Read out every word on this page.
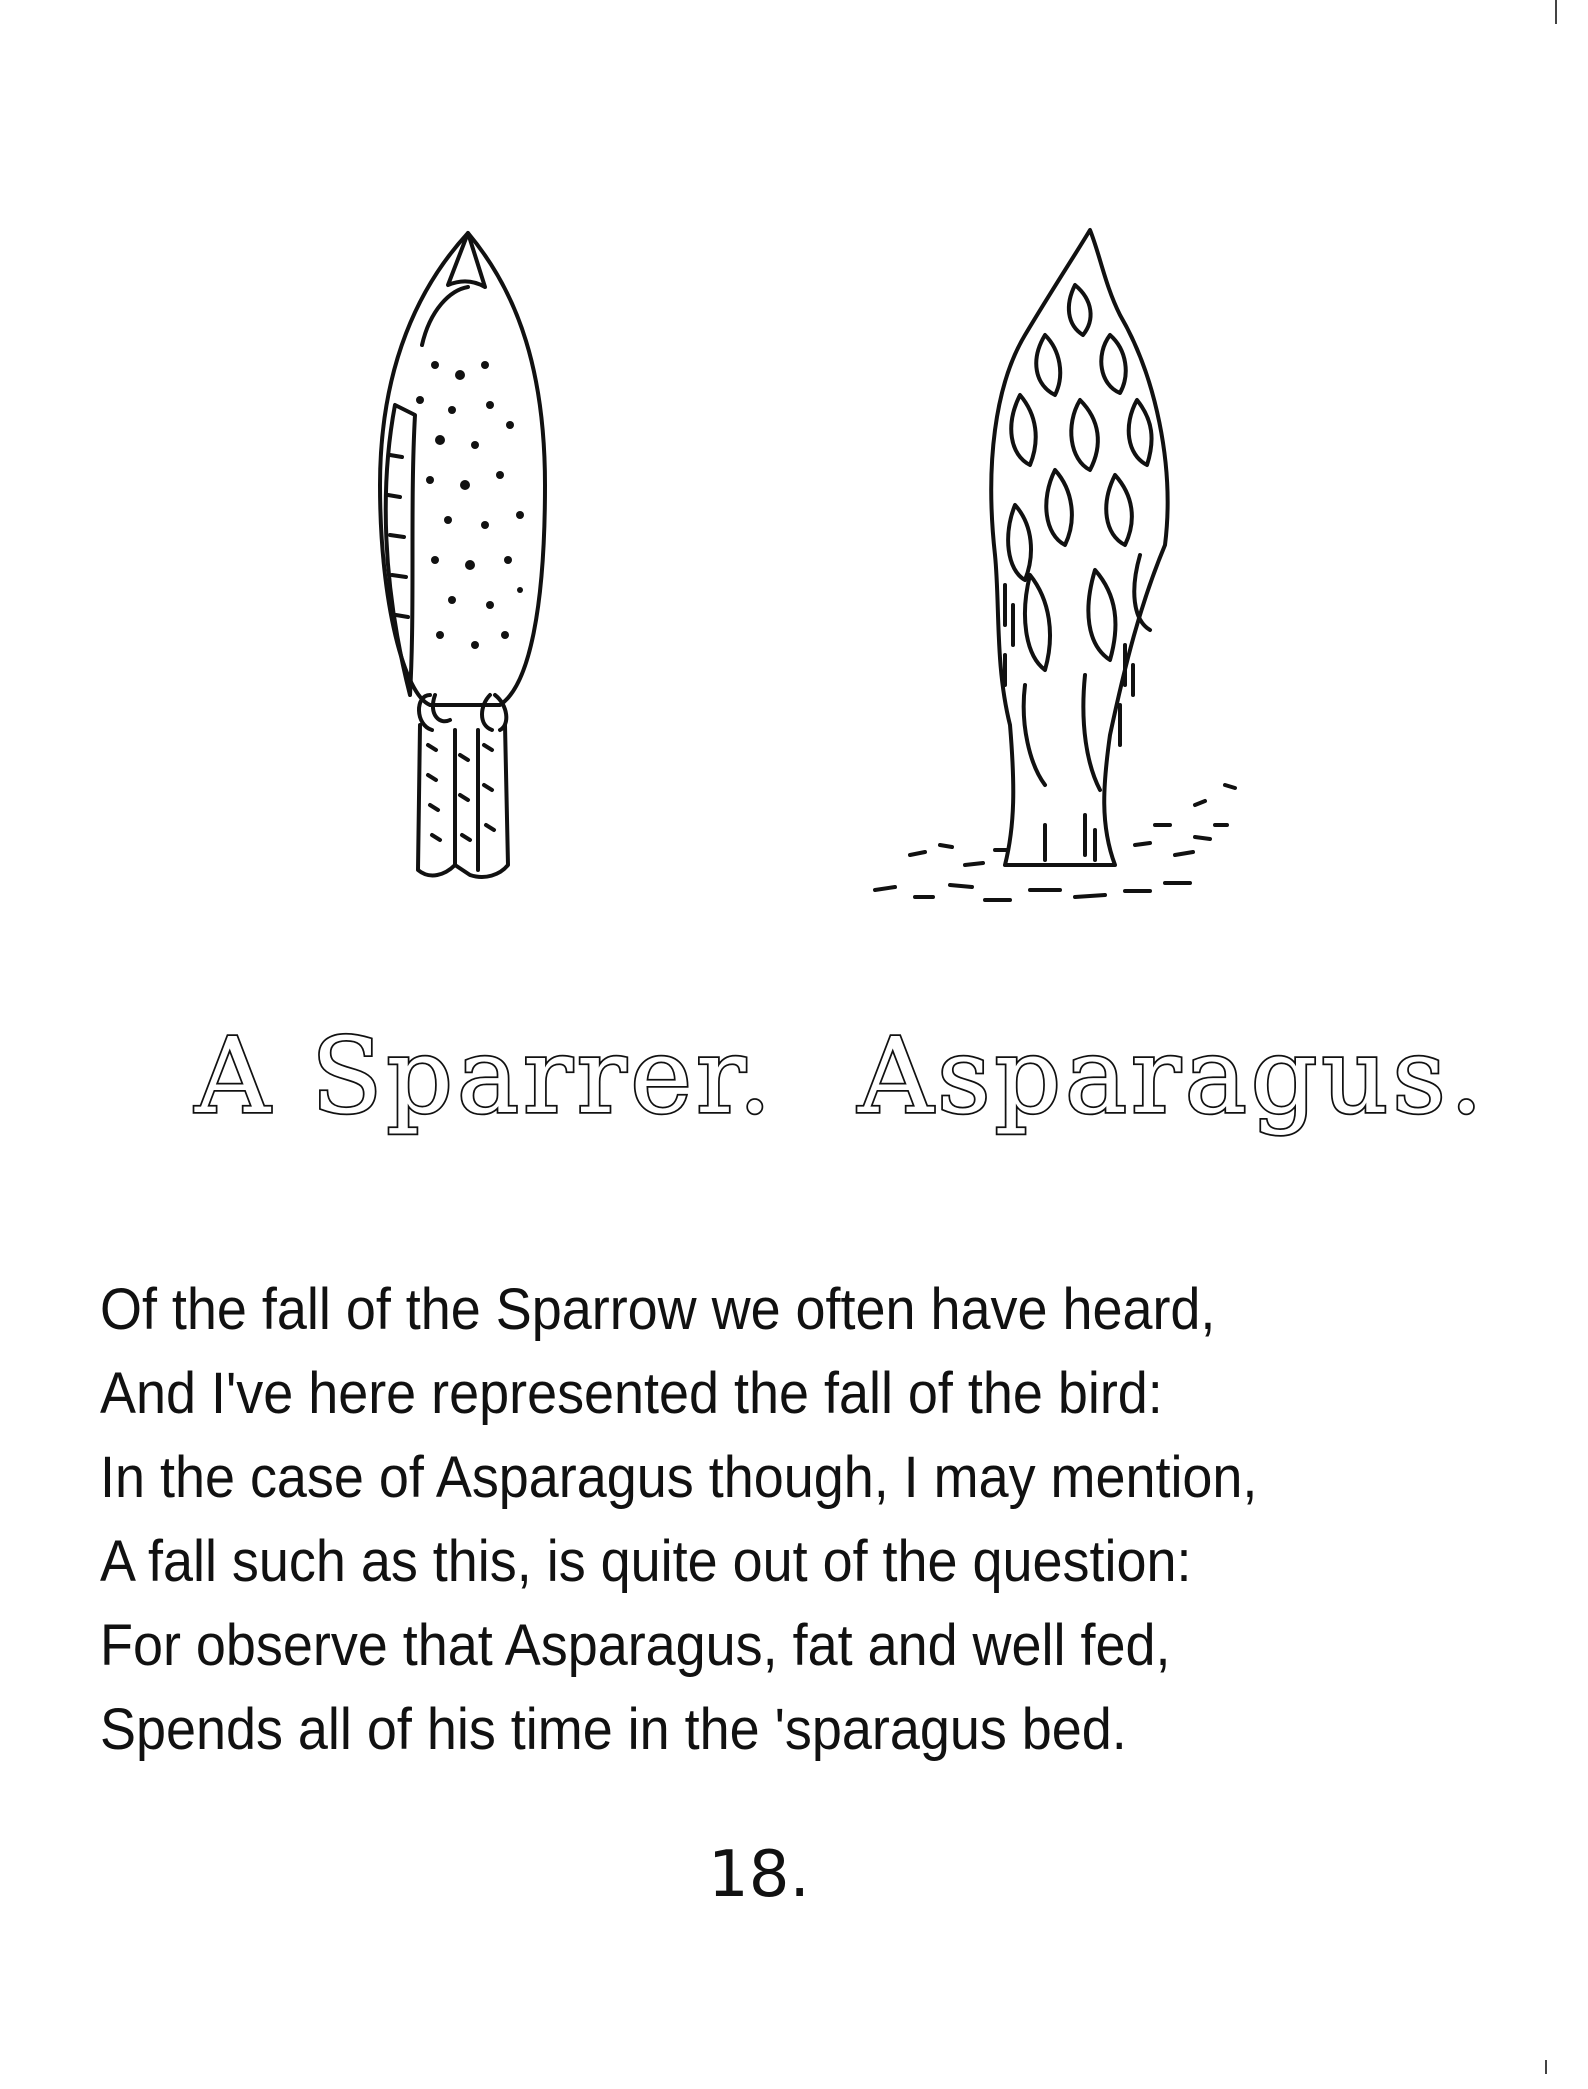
A Sparrer. Asparagus.
Of the fall of the Sparrow we often have heard,
And I've here represented the fall of the bird:
In the case of Asparagus though, I may mention,
A fall such as this, is quite out of the question:
For observe that Asparagus, fat and well fed,
Spends all of his time in the 'sparagus bed.
18.
